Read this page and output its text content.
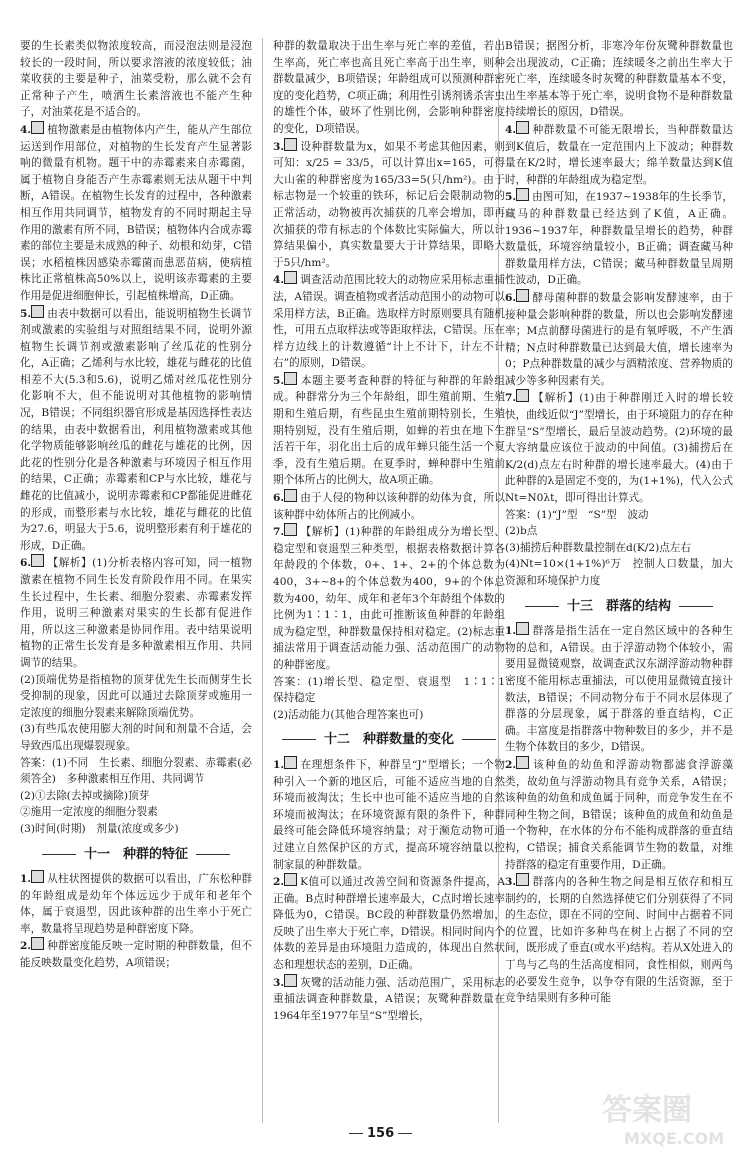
要的生长素类似物浓度较高，而浸泡法则是浸泡较长的一段时间，所以要求溶液的浓度较低；油菜收获的主要是种子，油菜受粉，那么就不会有正常种子产生，喷洒生长素溶液也不能产生种子，对油菜花是不适合的。

4. 植物激素是由植物体内产生，能从产生部位运送到作用部位，对植物的生长发育产生显著影响的微量有机物。题干中的赤霉素来自赤霉菌，属于植物自身能否产生赤霉素则无法从题干中判断，A错误。在植物生长发育的过程中，各种激素相互作用共同调节，植物发育的不同时期起主导作用的激素有所不同，B错误；植物体内合成赤霉素的部位主要是未成熟的种子、幼根和幼芽，C错误；水稻植株因感染赤霉菌而患恶苗病，使病植株比正常植株高50%以上，说明该赤霉素的主要作用是促进细胞伸长，引起植株增高，D正确。

5. 由表中数据可以看出，能说明植物生长调节剂或激素的实验组与对照组结果不同，说明外源植物生长调节剂或激素影响了丝瓜花的性别分化，A正确；乙烯利与水比较，雄花与雌花的比值相差不大(5.3和5.6)，说明乙烯对丝瓜花性别分化影响不大，但不能说明对其他植物的影响情况，B错误；不同组织器官形成是基因选择性表达的结果，由表中数据看出，利用植物激素或其他化学物质能够影响丝瓜的雌花与雄花的比例，因此花的性别分化是各种激素与环境因子相互作用的结果，C正确；赤霉素和CP与水比较，雄花与雌花的比值减小，说明赤霉素和CP都能促进雌花的形成，而整形素与水比较，雄花与雌花的比值为27.6，明显大于5.6，说明整形素有利于雄花的形成，D正确。

6. 【解析】(1)分析表格内容可知，同一植物激素在植物不同生长发育阶段作用不同。在果实生长过程中，生长素、细胞分裂素、赤霉素发挥作用，说明三种激素对果实的生长都有促进作用，所以这三种激素是协同作用。表中结果说明植物的正常生长发育是多种激素相互作用、共同调节的结果。

(2)顶端优势是指植物的顶芽优先生长而侧芽生长受抑制的现象，因此可以通过去除顶芽或施用一定浓度的细胞分裂素来解除顶端优势。

(3)有些瓜农使用膨大剂的时间和剂量不合适，会导致西瓜出现爆裂现象。

答案：(1)不同　生长素、细胞分裂素、赤霉素(必须答全)　多种激素相互作用、共同调节

(2)①去除(去掉或摘除)顶芽

②施用一定浓度的细胞分裂素

(3)时间(时期)　剂量(浓度或多少)

十一　种群的特征

1. 从柱状图提供的数据可以看出，广东松种群的年龄组成是幼年个体远远少于成年和老年个体，属于衰退型，因此该种群的出生率小于死亡率，数量将呈现趋势是种群密度下降。

2. 种群密度能反映一定时期的种群数量，但不能反映数量变化趋势，A项错误；

种群的数量取决于出生率与死亡率的差值，若出生率高，死亡率也高且死亡率高于出生率，则种群数量减少，B项错误；年龄组成可以预测种群密度的变化趋势，C项正确；利用性引诱剂诱杀害虫的雄性个体，破坏了性别比例，会影响种群密度的变化，D项错误。

3. 设种群数量为x，如果不考虑其他因素，则可知：x/25 = 33/5，可以计算出x=165，可得大山雀的种群密度为165/33=5(只/hm²)。由于标志物是一个较重的铁环，标记后会限制动物的正常活动，动物被再次捕获的几率会增加，即再次捕获的带有标志的个体数比实际偏大，所以计算结果偏小，真实数量要大于计算结果，即略大于5只/hm²。

4. 调查活动范围比较大的动物应采用标志重捕法，A错误。调查植物或者活动范围小的动物可以采用样方法，B正确。选取样方时原则要具有随机性，可用五点取样法或等距取样法，C错误。压在样方边线上的计数遵循“计上不计下，计左不计右”的原则，D错误。

5. 本题主要考查种群的特征与种群的年龄组成。种群常分为三个年龄组，即生殖前期、生殖期和生殖后期，有些昆虫生殖前期特别长，生殖期特别短，没有生殖后期，如蝉的若虫在地下生活若干年，羽化出土后的成年蝉只能生活一个夏季，没有生殖后期。在夏季时，蝉种群中生殖前期个体所占的比例大，故A项正确。

6. 由于人侵的物种以该种群的幼体为食，所以该种群中幼体所占的比例减小。

7. 【解析】(1)种群的年龄组成分为增长型、稳定型和衰退型三种类型，根据表格数据计算各年龄段的个体数，0+、1+、2+的个体总数为400，3+~8+的个体总数为400，9+的个体总数为400，幼年、成年和老年3个年龄组个体数的比例为1∶1∶1，由此可推断该鱼种群的年龄组成为稳定型，种群数量保持相对稳定。(2)标志重捕法常用于调查活动能力强、活动范围广的动物的种群密度。

答案：(1)增长型、稳定型、衰退型　1∶1∶1　保持稳定

(2)活动能力(其他合理答案也可)

十二　种群数量的变化

1. 在理想条件下，种群呈“J”型增长；一个物种引入一个新的地区后，可能不适应当地的自然环境而被淘汰；生长中也可能不适应当地的自然环境而被淘汰；在环境资源有限的条件下，种群最终可能会降低环境容纳量；对于濒危动物可通过建立自然保护区的方式，提高环境容纳量以控制家鼠的种群数量。

2. K值可以通过改善空间和资源条件提高，A正确。B点时种群增长速率最大，C点时增长速率降低为0，C错误。BC段的种群数量仍然增加，反映了出生率大于死亡率，D错误。相同时间内个体数的差异是由环境阻力造成的，体现出自然状态和理想状态的差别，D正确。

3. 灰鹭的活动能力强、活动范围广，采用标志重捕法调查种群数量，A错误；灰鹭种群数量在1964年至1977年呈“S”型增长，

B错误；据图分析，非寒冷年份灰鹭种群数量也会出现波动，C正确；连续暖冬之前出生率大于死亡率，连续暖冬时灰鹭的种群数量基本不变，出生率基本等于死亡率，说明食物不是种群数量持续增长的原因，D错误。

4. 种群数量不可能无限增长，当种群数量达到K值后，数量在一定范围内上下波动；种群数量在K/2时，增长速率最大；绵羊数量达到K值时，种群的年龄组成为稳定型。

5. 由图可知，在1937~1938年的生长季节，藏马的种群数量已经达到了K值，A正确。1936~1937年，种群数量呈增长的趋势，种群数量低，环境容纳量较小，B正确；调查藏马种群数量用样方法，C错误；藏马种群数量呈周期性波动，D正确。

6. 酵母菌种群的数量会影响发酵速率，由于接种量会影响种群的数量，所以也会影响发酵速率；M点前酵母菌进行的是有氧呼吸，不产生酒精；N点时种群数量已达到最大值，增长速率为0；P点种群数量的减少与酒精浓度、营养物质的减少等多种因素有关。

7. 【解析】(1)由于种群刚迁入时的增长较快，曲线近似“J”型增长，由于环境阻力的存在种群呈“S”型增长，最后呈波动趋势。(2)环境的最大容纳量应该位于波动的中间值。(3)捕捞后在K/2(d)点左右时种群的增长速率最大。(4)由于此种群的λ是固定不变的，为(1+1%)，代入公式Nt=N0λt，即可得出计算式。

答案：(1)“J”型　“S”型　波动

(2)b点

(3)捕捞后种群数量控制在d(K/2)点左右

(4)Nt=10×(1+1%)⁶万　控制人口数量，加大资源和环境保护力度

十三　群落的结构

1. 群落是指生活在一定自然区域中的各种生物的总和，A错误。由于浮游动物个体较小，需要用显微镜观察，故调查武汉东湖浮游动物种群密度不能用标志重捕法，可以使用显微镜直接计数法，B错误；不同动物分布于不同水层体现了群落的分层现象，属于群落的垂直结构，C正确。丰富度是指群落中物种数目的多少，并不是生物个体数目的多少，D错误。

2. 该种鱼的幼鱼和浮游动物都滤食浮游藻类，故幼鱼与浮游动物具有竞争关系，A错误；该种鱼的幼鱼和成鱼属于同种，而竞争发生在不同种生物之间，B错误；该种鱼的成鱼和幼鱼是一个物种，在水体的分布不能构成群落的垂直结构，C错误；捕食关系能调节生物的数量，对维持群落的稳定有重要作用，D正确。

3. 群落内的各种生物之间是相互依存和相互制约的，长期的自然选择使它们分别获得了不同的生态位，即在不同的空间、时间中占据着不同的位置，比如许多种鸟在树上占据了不同的空间，既形成了垂直(或水平)结构。若从X处进入的丁鸟与乙鸟的生活高度相同，食性相似，则两鸟的必要发生竞争，以争夺有限的生活资源，至于竞争结果则有多种可能

156
答案圈
MXQE.COM
